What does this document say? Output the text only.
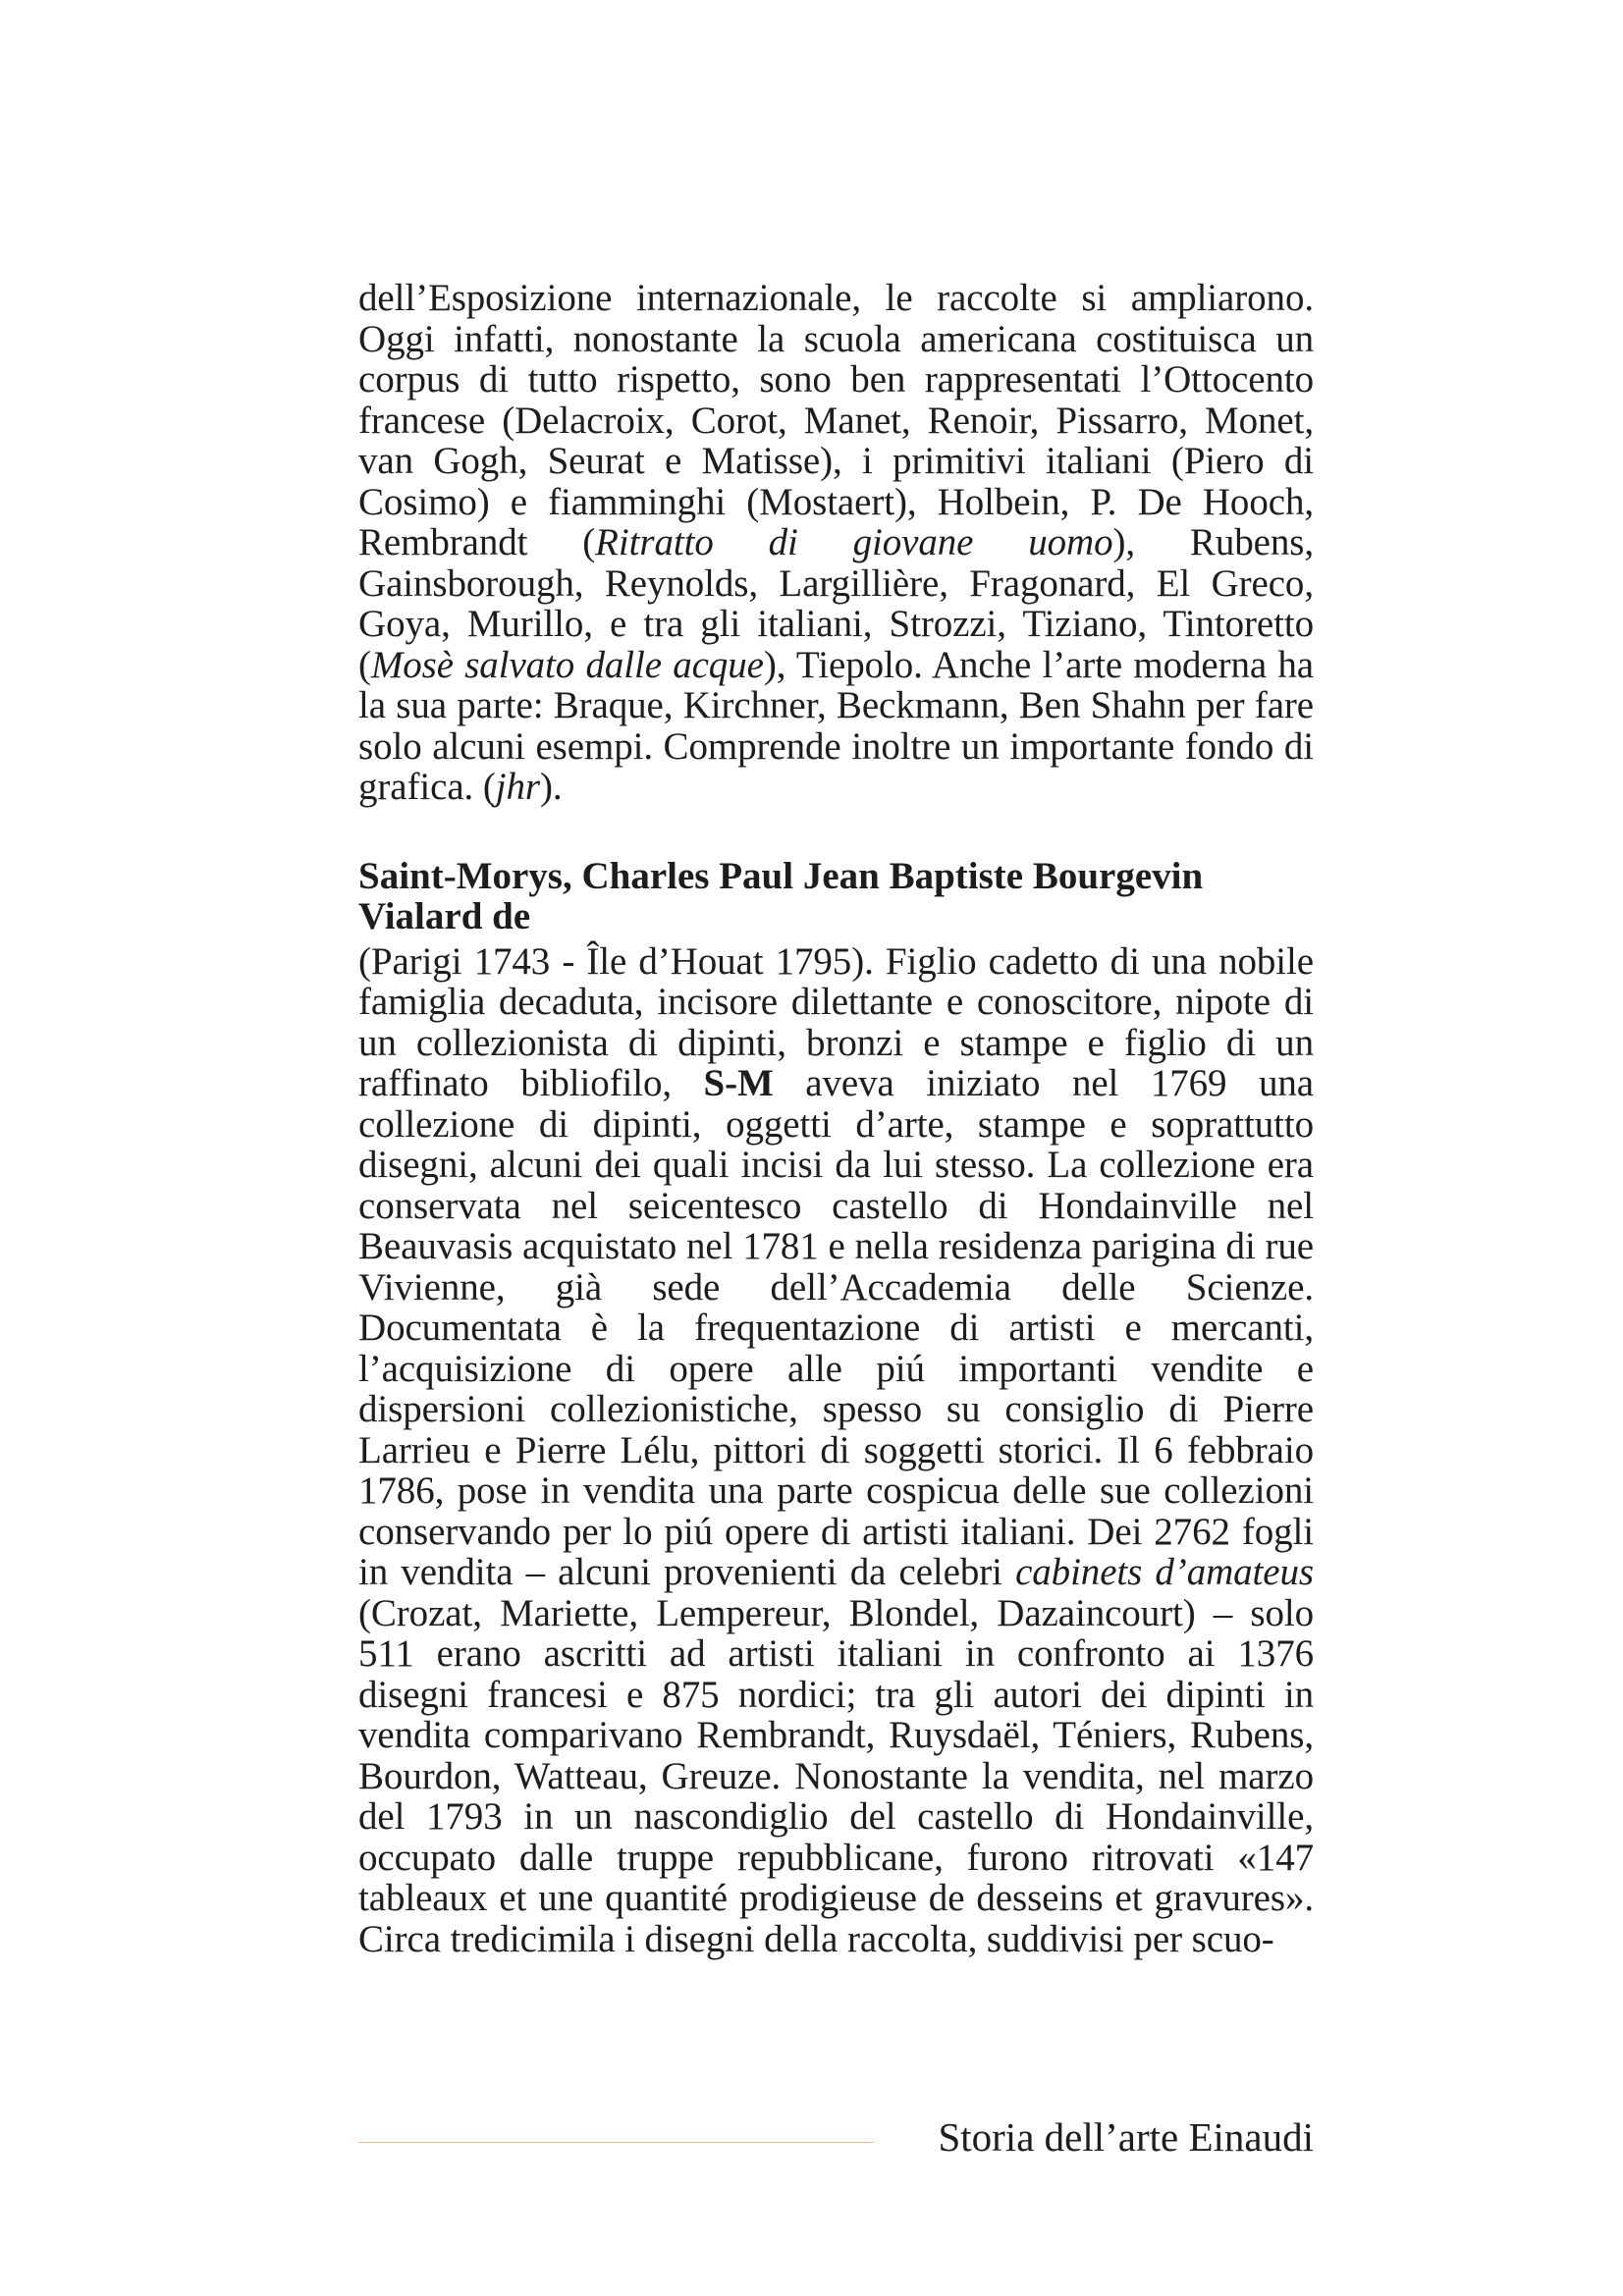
dell’Esposizione internazionale, le raccolte si ampliarono. Oggi infatti, nonostante la scuola americana costituisca un corpus di tutto rispetto, sono ben rappresentati l’Ottocento francese (Delacroix, Corot, Manet, Renoir, Pissarro, Monet, van Gogh, Seurat e Matisse), i primitivi italiani (Piero di Cosimo) e fiamminghi (Mostaert), Holbein, P. De Hooch, Rembrandt (Ritratto di giovane uomo), Rubens, Gainsborough, Reynolds, Largillière, Fragonard, El Greco, Goya, Murillo, e tra gli italiani, Strozzi, Tiziano, Tintoretto (Mosè salvato dalle acque), Tiepolo. Anche l’arte moderna ha la sua parte: Braque, Kirchner, Beckmann, Ben Shahn per fare solo alcuni esempi. Comprende inoltre un importante fondo di grafica. (jhr).

Saint-Morys, Charles Paul Jean Baptiste Bourgevin Vialard de

(Parigi 1743 - Île d’Houat 1795). Figlio cadetto di una nobile famiglia decaduta, incisore dilettante e conoscitore, nipote di un collezionista di dipinti, bronzi e stampe e figlio di un raffinato bibliofilo, S-M aveva iniziato nel 1769 una collezione di dipinti, oggetti d’arte, stampe e soprattutto disegni, alcuni dei quali incisi da lui stesso. La collezione era conservata nel seicentesco castello di Hondainville nel Beauvasis acquistato nel 1781 e nella residenza parigina di rue Vivienne, già sede dell’Accademia delle Scienze. Documentata è la frequentazione di artisti e mercanti, l’acquisizione di opere alle piú importanti vendite e dispersioni collezionistiche, spesso su consiglio di Pierre Larrieu e Pierre Lélu, pittori di soggetti storici. Il 6 febbraio 1786, pose in vendita una parte cospicua delle sue collezioni conservando per lo piú opere di artisti italiani. Dei 2762 fogli in vendita – alcuni provenienti da celebri cabinets d’amateus (Crozat, Mariette, Lempereur, Blondel, Dazaincourt) – solo 511 erano ascritti ad artisti italiani in confronto ai 1376 disegni francesi e 875 nordici; tra gli autori dei dipinti in vendita comparivano Rembrandt, Ruysdaël, Téniers, Rubens, Bourdon, Watteau, Greuze. Nonostante la vendita, nel marzo del 1793 in un nascondiglio del castello di Hondainville, occupato dalle truppe repubblicane, furono ritrovati «147 tableaux et une quantité prodigieuse de desseins et gravures». Circa tredicimila i disegni della raccolta, suddivisi per scuo-

Storia dell’arte Einaudi
